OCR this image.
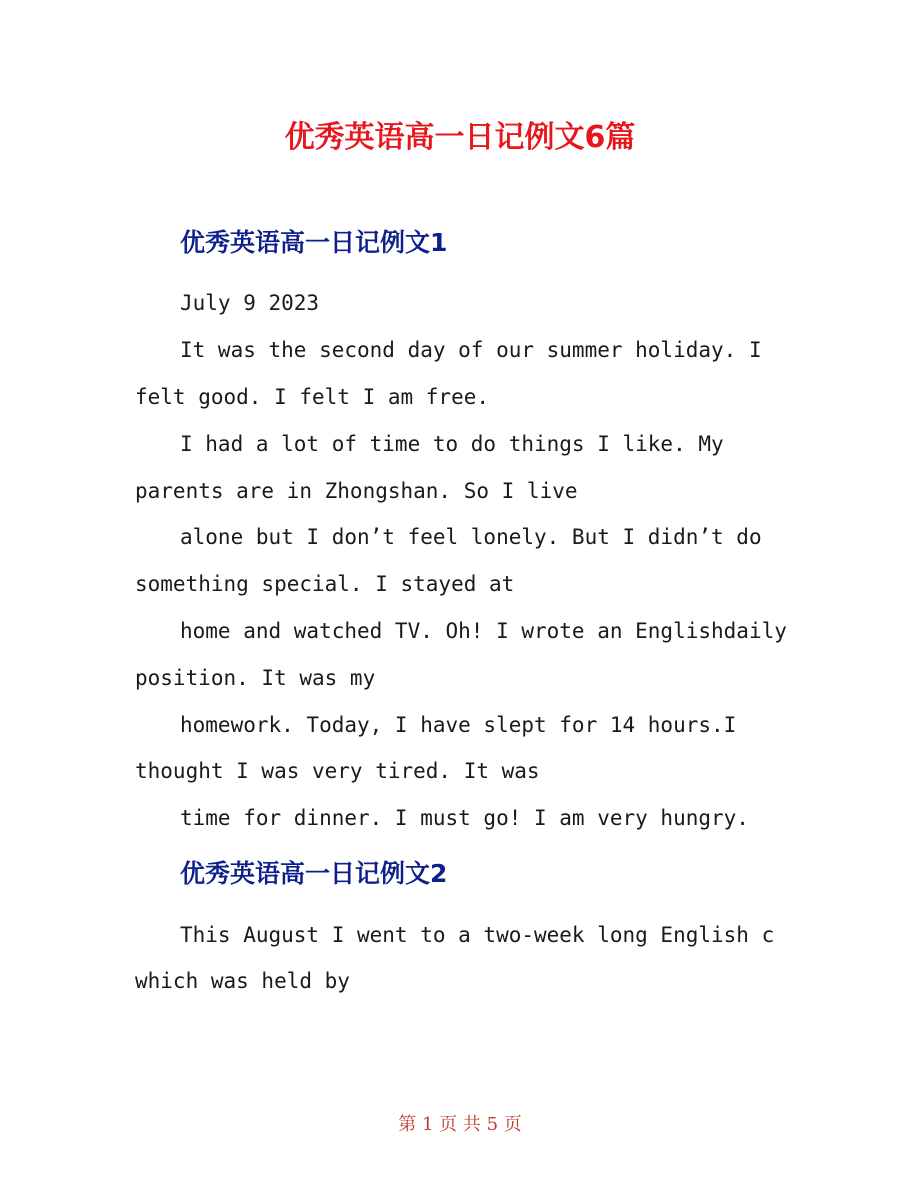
优秀英语高一日记例文6篇
优秀英语高一日记例文1

July 9 2023

It was the second day of our summer holiday. I

felt good. I felt I am free.

I had a lot of time to do things I like. My

parents are in Zhongshan. So I live

alone but I don’t feel lonely. But I didn’t do

something special. I stayed at

home and watched TV. Oh! I wrote an Englishdaily

position. It was my

homework. Today, I have slept for 14 hours.I

thought I was very tired. It was

time for dinner. I must go! I am very hungry.

优秀英语高一日记例文2

This August I went to a two-week long English c

which was held by

第 1 页 共 5 页
